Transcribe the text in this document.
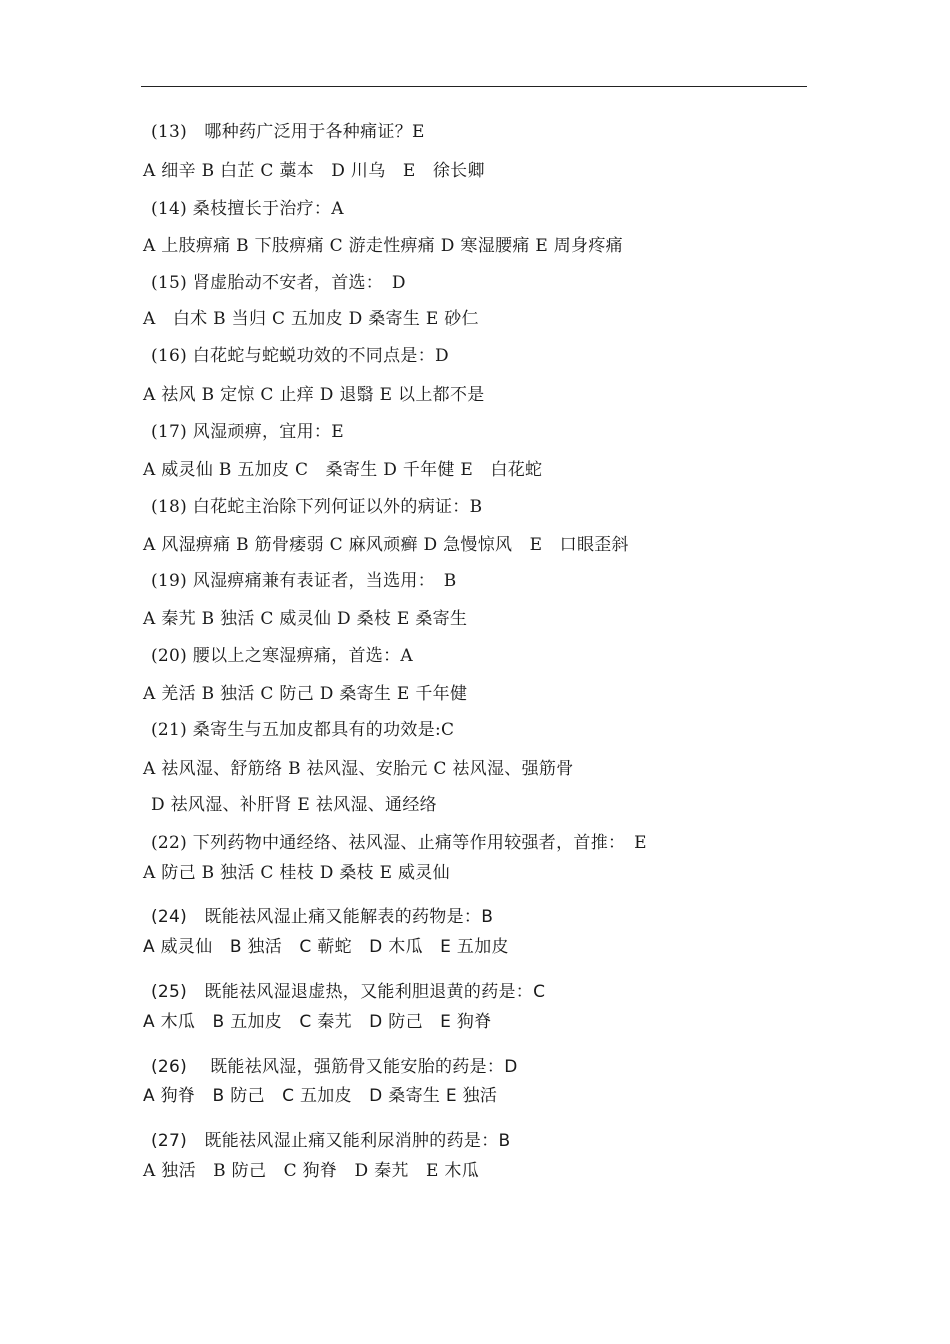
(13)　哪种药广泛用于各种痛证？E
A 细辛 B 白芷 C 藁本　D 川乌　E　徐长卿
(14) 桑枝擅长于治疗：A
A 上肢痹痛 B 下肢痹痛 C 游走性痹痛 D 寒湿腰痛 E 周身疼痛
(15) 肾虚胎动不安者，首选：　D
A　白术 B 当归 C 五加皮 D 桑寄生 E 砂仁
(16) 白花蛇与蛇蜕功效的不同点是：D
A 祛风 B 定惊 C 止痒 D 退翳 E 以上都不是
(17) 风湿顽痹，宜用：E
A 威灵仙 B 五加皮 C　桑寄生 D 千年健 E　白花蛇
(18) 白花蛇主治除下列何证以外的病证：B
A 风湿痹痛 B 筋骨痿弱 C 麻风顽癣 D 急慢惊风　E　口眼歪斜
(19) 风湿痹痛兼有表证者，当选用：　B
A 秦艽 B 独活 C 威灵仙 D 桑枝 E 桑寄生
(20) 腰以上之寒湿痹痛，首选：A
A 羌活 B 独活 C 防己 D 桑寄生 E 千年健
(21) 桑寄生与五加皮都具有的功效是:C
A 祛风湿、舒筋络 B 祛风湿、安胎元 C 祛风湿、强筋骨
D 祛风湿、补肝肾 E 祛风湿、通经络
(22) 下列药物中通经络、祛风湿、止痛等作用较强者，首推：　E
A 防己 B 独活 C 桂枝 D 桑枝 E 威灵仙
(24)　既能祛风湿止痛又能解表的药物是：B
A 威灵仙　B 独活　C 蕲蛇　D 木瓜　E 五加皮
(25)　既能祛风湿退虚热，又能利胆退黄的药是：C
A 木瓜　B 五加皮　C 秦艽　D 防己　E 狗脊
(26)　 既能祛风湿，强筋骨又能安胎的药是：D
A 狗脊　B 防己　C 五加皮　D 桑寄生 E 独活
(27)　既能祛风湿止痛又能利尿消肿的药是：B
A 独活　B 防己　C 狗脊　D 秦艽　E 木瓜
